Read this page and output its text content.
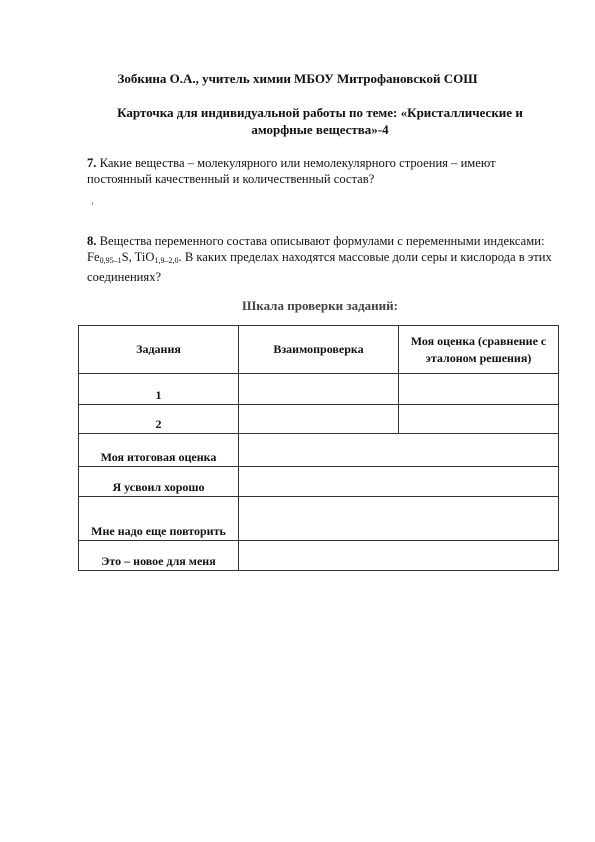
Зобкина О.А., учитель химии МБОУ Митрофановской СОШ

Карточка для индивидуальной работы по теме: «Кристаллические и аморфные вещества»-4

7. Какие вещества – молекулярного или немолекулярного строения – имеют постоянный качественный и количественный состав?

8. Вещества переменного состава описывают формулами с переменными индексами: $Fe_{0,95-1}S$, TiO$_{1,9-2,0}$. В каких пределах находятся массовые доли серы и кислорода в этих соединениях?

Шкала проверки заданий:

Задания	Взаимопроверка	Моя оценка (сравнение с эталоном решения)
1		
2		
Моя итоговая оценка		
Я усвоил хорошо		
Мне надо еще повторить		
Это – новое для меня		
